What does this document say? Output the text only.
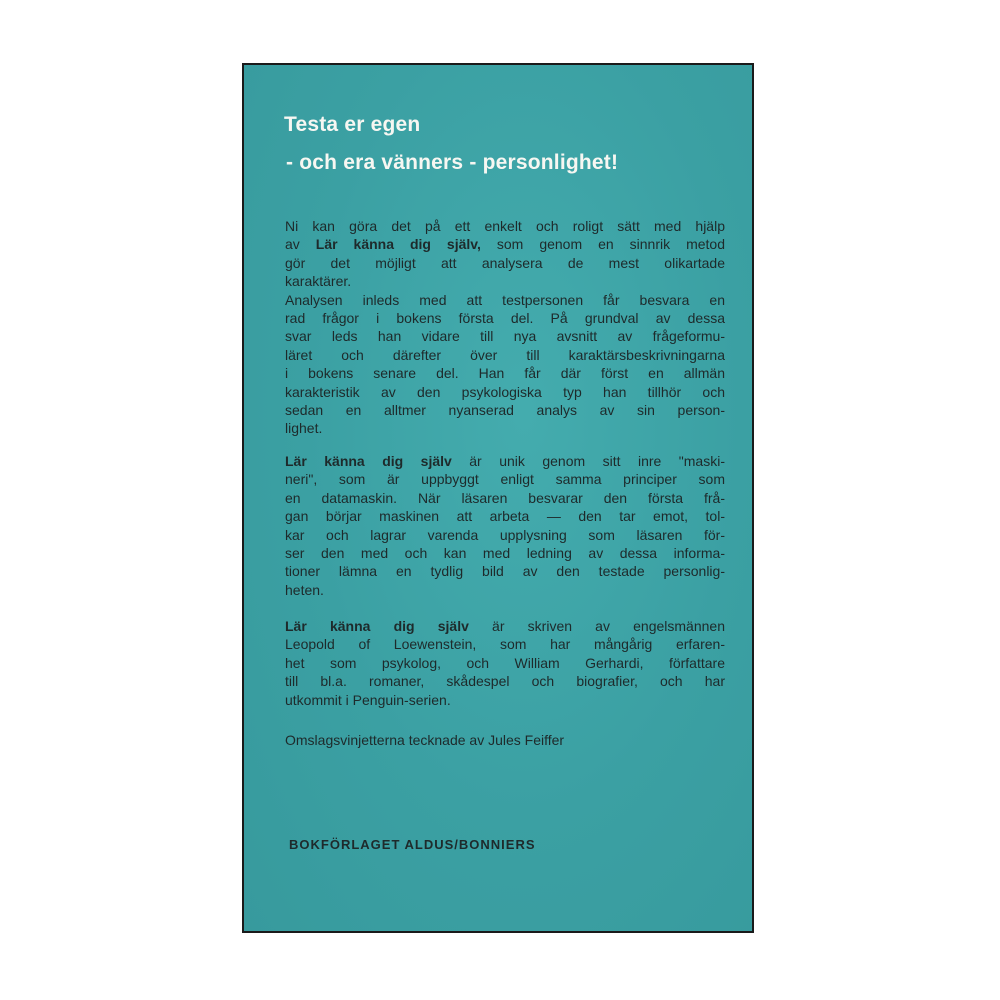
Testa er egen
- och era vänners - personlighet!
Ni kan göra det på ett enkelt och roligt sätt med hjälp
av Lär känna dig själv, som genom en sinnrik metod
gör det möjligt att analysera de mest olikartade
karaktärer.
Analysen inleds med att testpersonen får besvara en
rad frågor i bokens första del. På grundval av dessa
svar leds han vidare till nya avsnitt av frågeformu-
läret och därefter över till karaktärsbeskrivningarna
i bokens senare del. Han får där först en allmän
karakteristik av den psykologiska typ han tillhör och
sedan en alltmer nyanserad analys av sin person-
lighet.
Lär känna dig själv är unik genom sitt inre "maski-
neri", som är uppbyggt enligt samma principer som
en datamaskin. När läsaren besvarar den första frå-
gan börjar maskinen att arbeta — den tar emot, tol-
kar och lagrar varenda upplysning som läsaren för-
ser den med och kan med ledning av dessa informa-
tioner lämna en tydlig bild av den testade personlig-
heten.
Lär känna dig själv är skriven av engelsmännen
Leopold of Loewenstein, som har mångårig erfaren-
het som psykolog, och William Gerhardi, författare
till bl.a. romaner, skådespel och biografier, och har
utkommit i Penguin-serien.
Omslagsvinjetterna tecknade av Jules Feiffer
BOKFÖRLAGET ALDUS/BONNIERS
